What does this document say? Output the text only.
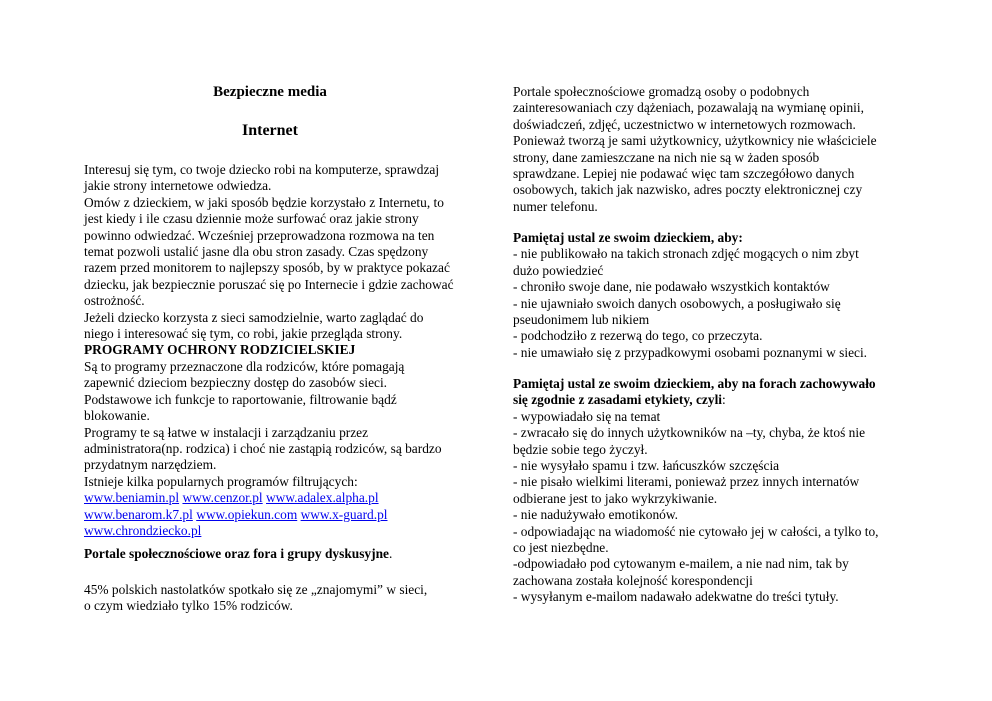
Bezpieczne media
Internet
Interesuj się tym, co twoje dziecko robi na komputerze, sprawdzaj
jakie strony internetowe odwiedza.
Omów z dzieckiem, w jaki sposób będzie korzystało z Internetu, to
jest kiedy i ile czasu dziennie może surfować oraz jakie strony
powinno odwiedzać. Wcześniej przeprowadzona rozmowa na ten
temat pozwoli ustalić jasne dla obu stron zasady. Czas spędzony
razem przed monitorem to najlepszy sposób, by w praktyce pokazać
dziecku, jak bezpiecznie poruszać się po Internecie i gdzie zachować
ostrożność.
Jeżeli dziecko korzysta z sieci samodzielnie, warto zaglądać do
niego i interesować się tym, co robi, jakie przegląda strony.
PROGRAMY OCHRONY RODZICIELSKIEJ
Są to programy przeznaczone dla rodziców, które pomagają
zapewnić dzieciom bezpieczny dostęp do zasobów sieci.
Podstawowe ich funkcje to raportowanie, filtrowanie bądź
blokowanie.
Programy te są łatwe w instalacji i zarządzaniu przez
administratora(np. rodzica) i choć nie zastąpią rodziców, są bardzo
przydatnym narzędziem.
Istnieje kilka popularnych programów filtrujących:
www.beniamin.pl www.cenzor.pl www.adalex.alpha.pl
www.benarom.k7.pl www.opiekun.com www.x-guard.pl
www.chrondziecko.pl
Portale społecznościowe oraz fora i grupy dyskusyjne.
45% polskich nastolatków spotkało się ze „znajomymi” w sieci,
o czym wiedziało tylko 15% rodziców.
Portale społecznościowe gromadzą osoby o podobnych
zainteresowaniach czy dążeniach, pozawalają na wymianę opinii,
doświadczeń, zdjęć, uczestnictwo w internetowych rozmowach.
Ponieważ tworzą je sami użytkownicy, użytkownicy nie właściciele
strony, dane zamieszczane na nich nie są w żaden sposób
sprawdzane. Lepiej nie podawać więc tam szczegółowo danych
osobowych, takich jak nazwisko, adres poczty elektronicznej czy
numer telefonu.
Pamiętaj ustal ze swoim dzieckiem, aby:
- nie publikowało na takich stronach zdjęć mogących o nim zbyt
dużo powiedzieć
- chroniło swoje dane, nie podawało wszystkich kontaktów
- nie ujawniało swoich danych osobowych, a posługiwało się
pseudonimem lub nikiem
- podchodziło z rezerwą do tego, co przeczyta.
- nie umawiało się z przypadkowymi osobami poznanymi w sieci.
Pamiętaj ustal ze swoim dzieckiem, aby na forach zachowywało
się zgodnie z zasadami etykiety, czyli:
- wypowiadało się na temat
- zwracało się do innych użytkowników na –ty, chyba, że ktoś nie
będzie sobie tego życzył.
- nie wysyłało spamu i tzw. łańcuszków szczęścia
- nie pisało wielkimi literami, ponieważ przez innych internatów
odbierane jest to jako wykrzykiwanie.
- nie nadużywało emotikonów.
- odpowiadając na wiadomość nie cytowało jej w całości, a tylko to,
co jest niezbędne.
-odpowiadało pod cytowanym e-mailem, a nie nad nim, tak by
zachowana została kolejność korespondencji
- wysyłanym e-mailom nadawało adekwatne do treści tytuły.
